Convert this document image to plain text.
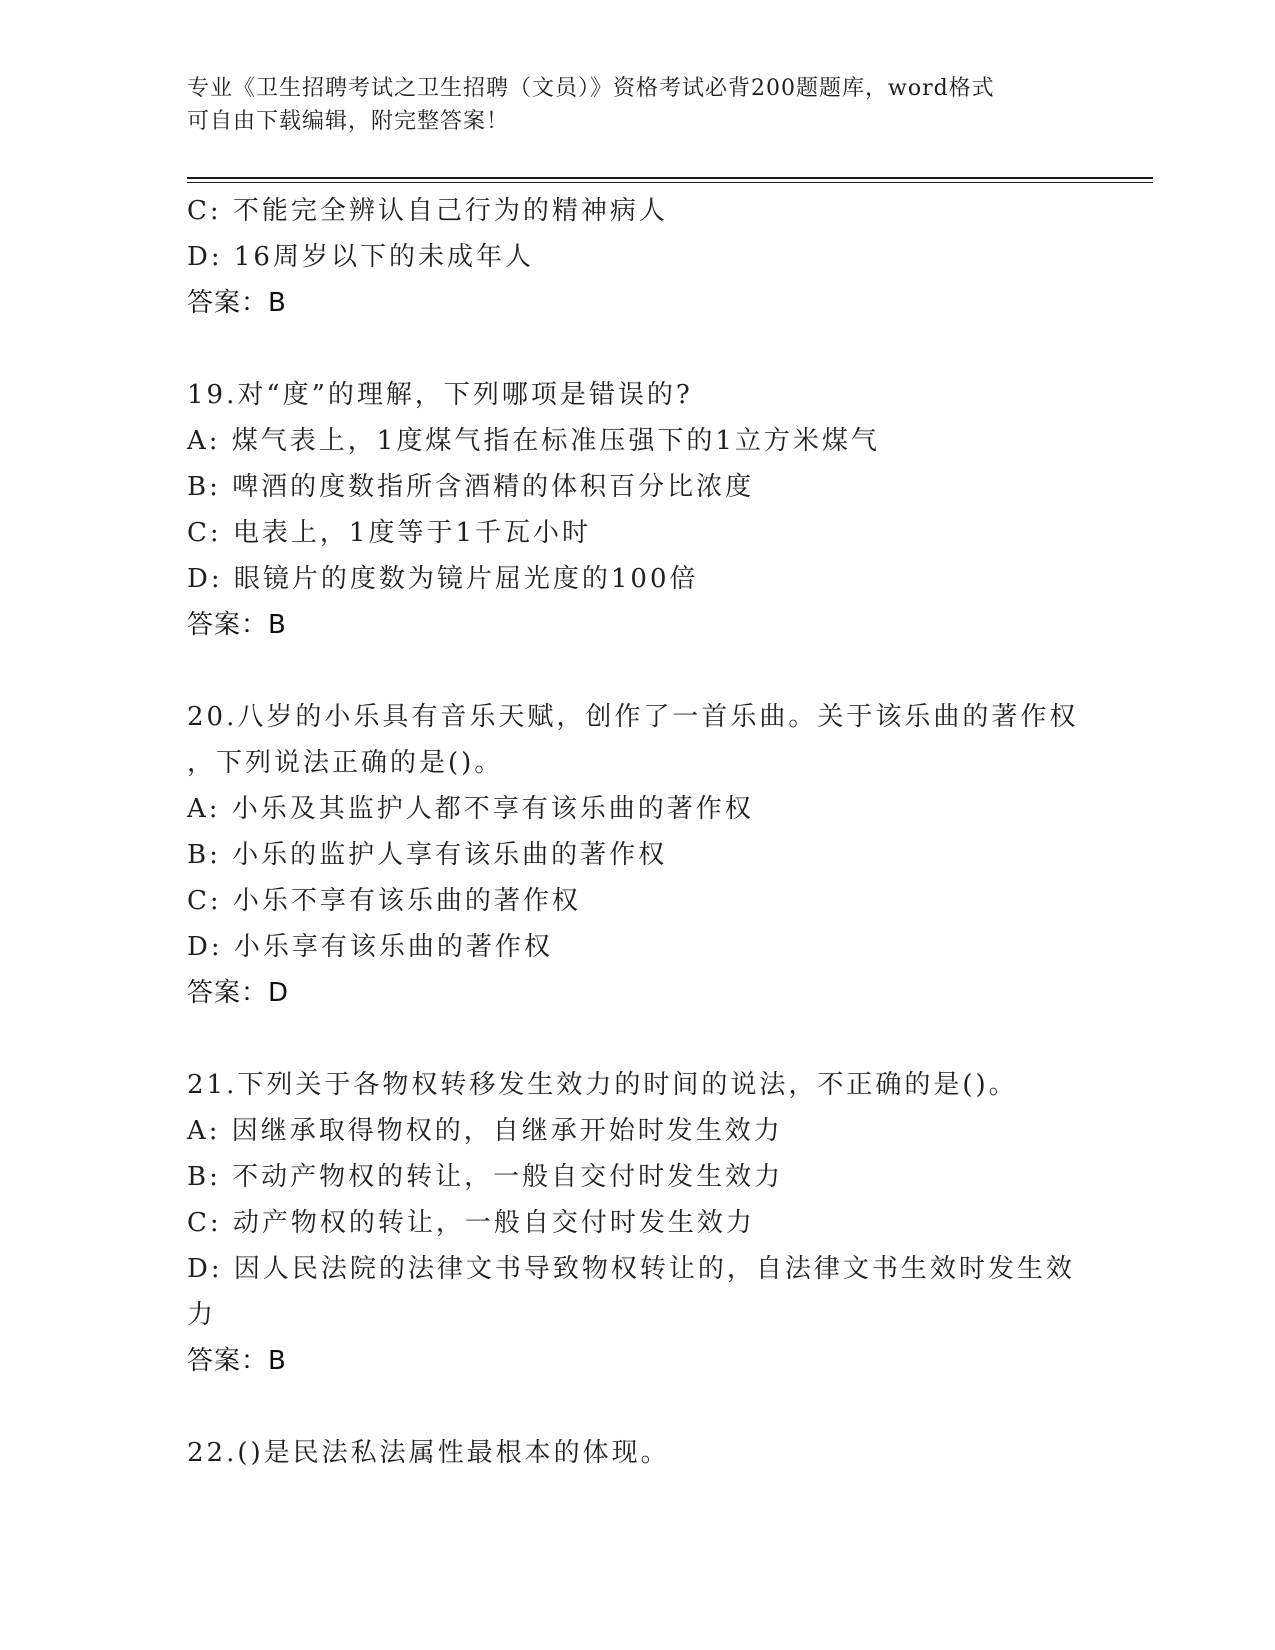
专业《卫生招聘考试之卫生招聘（文员）》资格考试必背200题题库，word格式
可自由下载编辑，附完整答案！
C: 不能完全辨认自己行为的精神病人
D: 16周岁以下的未成年人
答案：B
19.对“度”的理解，下列哪项是错误的?
A: 煤气表上，1度煤气指在标准压强下的1立方米煤气
B: 啤酒的度数指所含酒精的体积百分比浓度
C: 电表上，1度等于1千瓦小时
D: 眼镜片的度数为镜片屈光度的100倍
答案：B
20.八岁的小乐具有音乐天赋，创作了一首乐曲。关于该乐曲的著作权
，下列说法正确的是()。
A: 小乐及其监护人都不享有该乐曲的著作权
B: 小乐的监护人享有该乐曲的著作权
C: 小乐不享有该乐曲的著作权
D: 小乐享有该乐曲的著作权
答案：D
21.下列关于各物权转移发生效力的时间的说法，不正确的是()。
A: 因继承取得物权的，自继承开始时发生效力
B: 不动产物权的转让，一般自交付时发生效力
C: 动产物权的转让，一般自交付时发生效力
D: 因人民法院的法律文书导致物权转让的，自法律文书生效时发生效
力
答案：B
22.()是民法私法属性最根本的体现。
